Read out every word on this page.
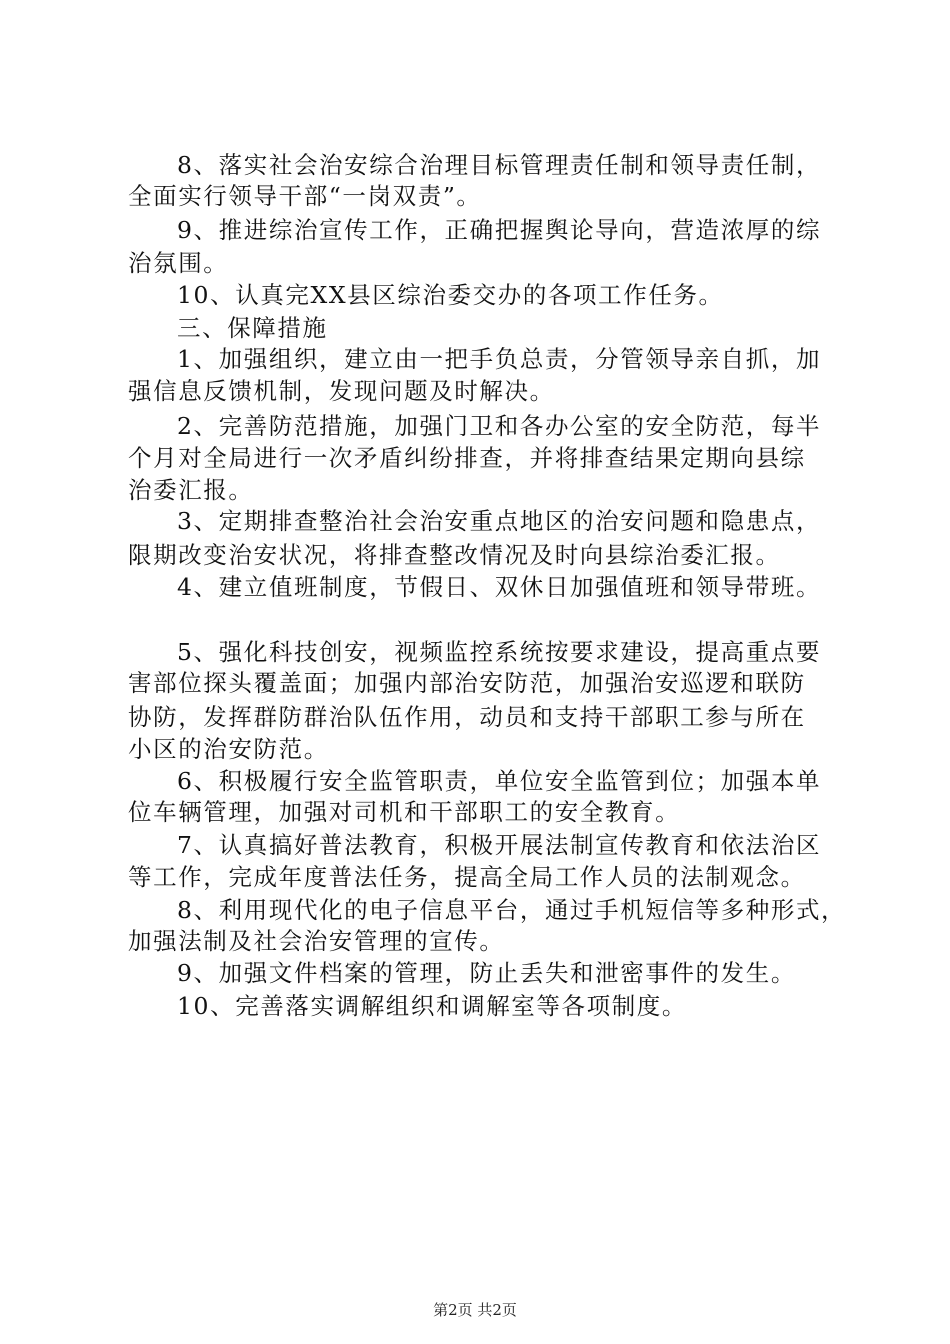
8、落实社会治安综合治理目标管理责任制和领导责任制，
全面实行领导干部“一岗双责”。
9、推进综治宣传工作，正确把握舆论导向，营造浓厚的综
治氛围。
10、认真完XX县区综治委交办的各项工作任务。
三、保障措施
1、加强组织，建立由一把手负总责，分管领导亲自抓，加
强信息反馈机制，发现问题及时解决。
2、完善防范措施，加强门卫和各办公室的安全防范，每半
个月对全局进行一次矛盾纠纷排查，并将排查结果定期向县综
治委汇报。
3、定期排查整治社会治安重点地区的治安问题和隐患点，
限期改变治安状况，将排查整改情况及时向县综治委汇报。
4、建立值班制度，节假日、双休日加强值班和领导带班。
5、强化科技创安，视频监控系统按要求建设，提高重点要
害部位探头覆盖面；加强内部治安防范，加强治安巡逻和联防
协防，发挥群防群治队伍作用，动员和支持干部职工参与所在
小区的治安防范。
6、积极履行安全监管职责，单位安全监管到位；加强本单
位车辆管理，加强对司机和干部职工的安全教育。
7、认真搞好普法教育，积极开展法制宣传教育和依法治区
等工作，完成年度普法任务，提高全局工作人员的法制观念。
8、利用现代化的电子信息平台，通过手机短信等多种形式，
加强法制及社会治安管理的宣传。
9、加强文件档案的管理，防止丢失和泄密事件的发生。
10、完善落实调解组织和调解室等各项制度。
第2页 共2页
